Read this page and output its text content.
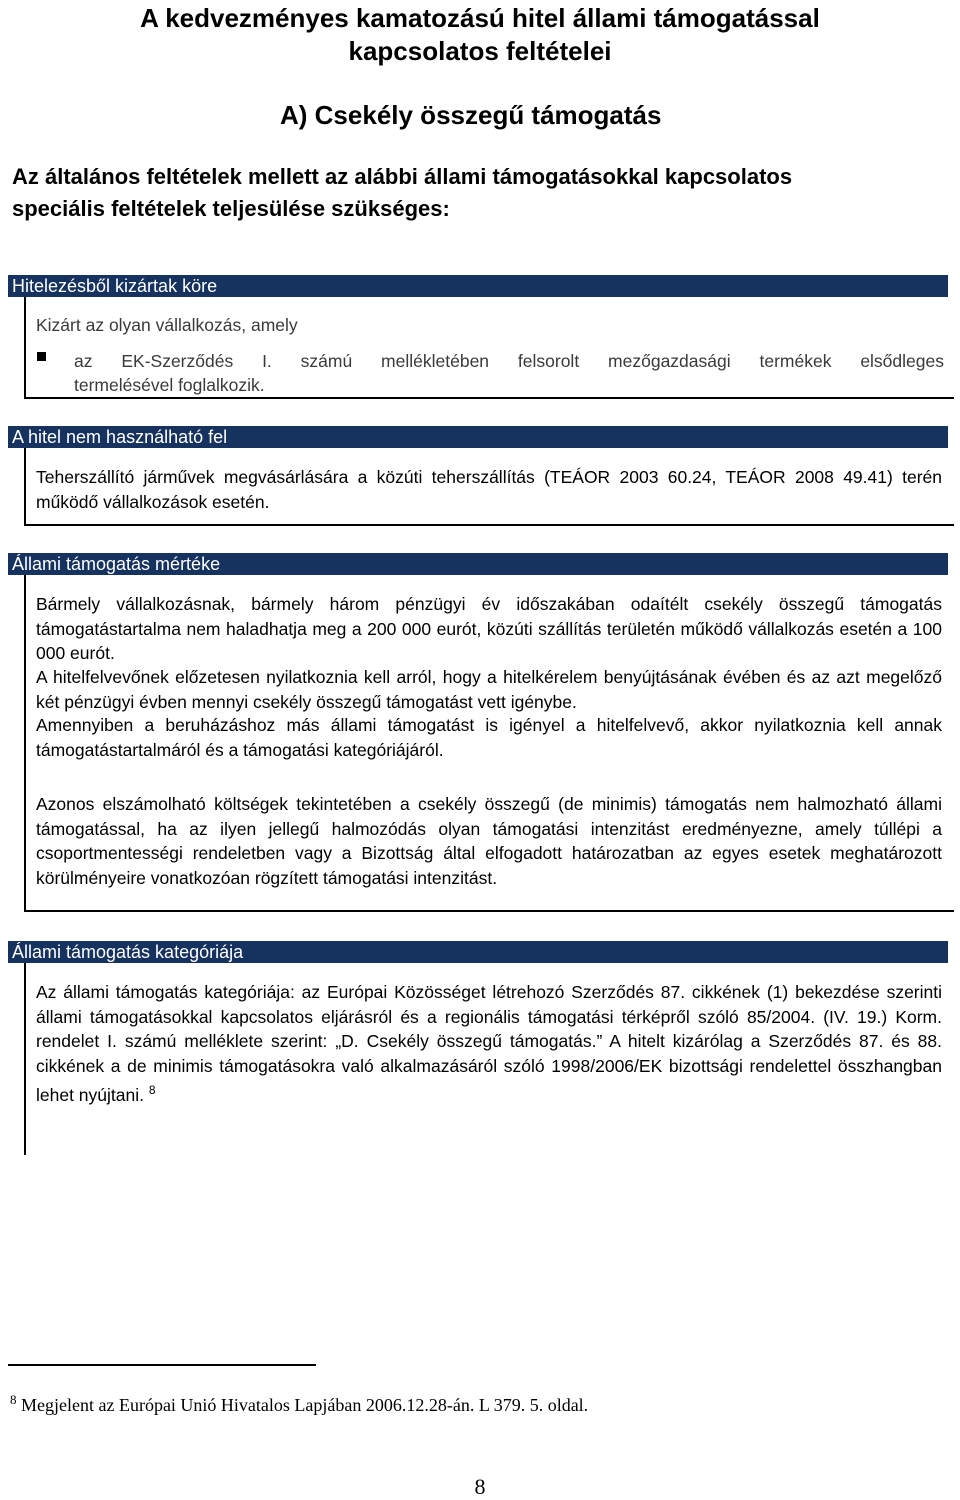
A kedvezményes kamatozású hitel állami támogatással
kapcsolatos feltételei
A) Csekély összegű támogatás
Az általános feltételek mellett az alábbi állami támogatásokkal kapcsolatos
speciális feltételek teljesülése szükséges:
Hitelezésből kizártak köre
Kizárt az olyan vállalkozás, amely
az EK-Szerződés I. számú mellékletében felsorolt mezőgazdasági termékek elsődleges
termelésével foglalkozik.
A hitel nem használható fel
Teherszállító járművek megvásárlására a közúti teherszállítás (TEÁOR 2003 60.24, TEÁOR 2008 49.41) terén működő vállalkozások esetén.
Állami támogatás mértéke
Bármely vállalkozásnak, bármely három pénzügyi év időszakában odaítélt csekély összegű támogatás támogatástartalma nem haladhatja meg a 200 000 eurót, közúti szállítás területén működő vállalkozás esetén a 100 000 eurót.
A hitelfelvevőnek előzetesen nyilatkoznia kell arról, hogy a hitelkérelem benyújtásának évében és az azt megelőző két pénzügyi évben mennyi csekély összegű támogatást vett igénybe.
Amennyiben a beruházáshoz más állami támogatást is igényel a hitelfelvevő, akkor nyilatkoznia kell annak támogatástartalmáról és a támogatási kategóriájáról.
Azonos elszámolható költségek tekintetében a csekély összegű (de minimis) támogatás nem halmozható állami támogatással, ha az ilyen jellegű halmozódás olyan támogatási intenzitást eredményezne, amely túllépi a csoportmentességi rendeletben vagy a Bizottság által elfogadott határozatban az egyes esetek meghatározott körülményeire vonatkozóan rögzített támogatási intenzitást.
Állami támogatás kategóriája
Az állami támogatás kategóriája: az Európai Közösséget létrehozó Szerződés 87. cikkének (1) bekezdése szerinti állami támogatásokkal kapcsolatos eljárásról és a regionális támogatási térképről szóló 85/2004. (IV. 19.) Korm. rendelet I. számú melléklete szerint: „D. Csekély összegű támogatás.” A hitelt kizárólag a Szerződés 87. és 88. cikkének a de minimis támogatásokra való alkalmazásáról szóló 1998/2006/EK bizottsági rendelettel összhangban lehet nyújtani. $^8$
$^8$ Megjelent az Európai Unió Hivatalos Lapjában 2006.12.28-án. L 379. 5. oldal.
8
